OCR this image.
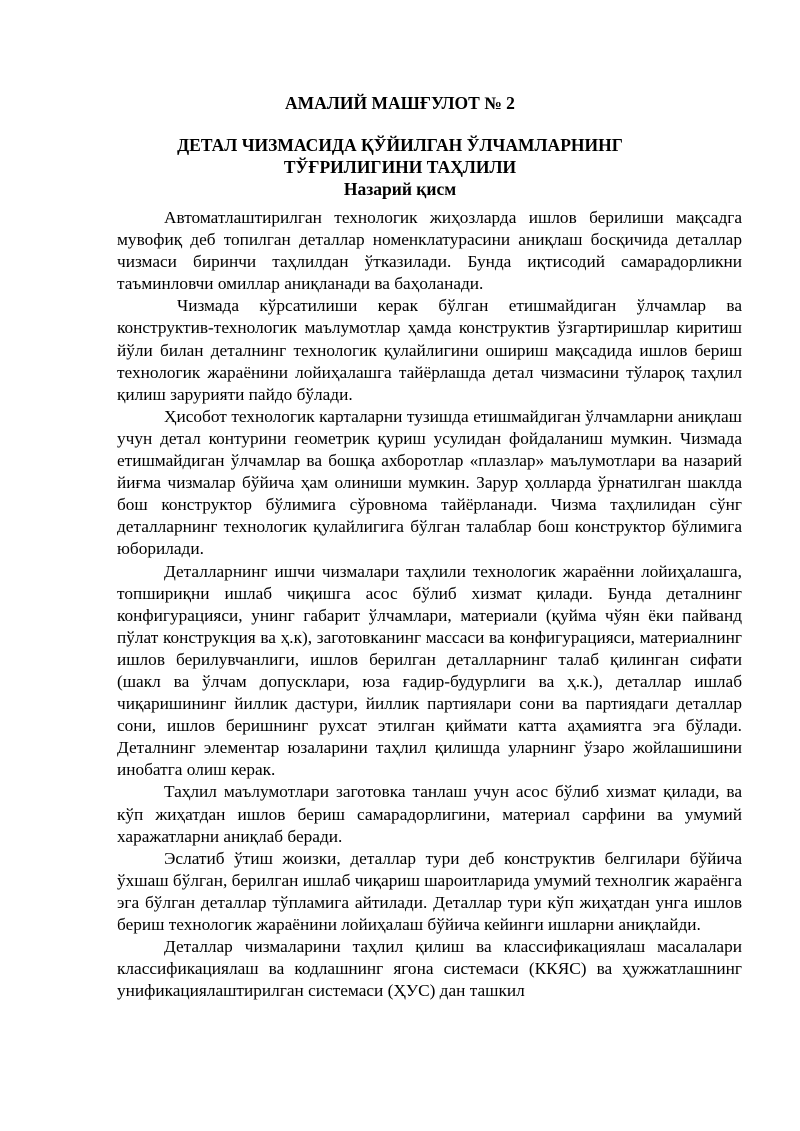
АМАЛИЙ МАШҒУЛОТ № 2
ДЕТАЛ ЧИЗМАСИДА ҚЎЙИЛГАН ЎЛЧАМЛАРНИНГ
ТЎҒРИЛИГИНИ ТАҲЛИЛИ
Назарий қисм

Автоматлаштирилган технологик жиҳозларда ишлов берилиши мақсадга мувофиқ деб топилган деталлар номенклатурасини аниқлаш босқичида деталлар чизмаси биринчи таҳлилдан ўтказилади. Бунда иқтисодий самарадорликни таъминловчи омиллар аниқланади ва баҳоланади.

Чизмада кўрсатилиши керак бўлган етишмайдиган ўлчамлар ва конструктив-технологик маълумотлар ҳамда конструктив ўзгартиришлар киритиш йўли билан деталнинг технологик қулайлигини ошириш мақсадида ишлов бериш технологик жараёнини лойиҳалашга тайёрлашда детал чизмасини тўлароқ таҳлил қилиш зарурияти пайдо бўлади.

Ҳисобот технологик карталарни тузишда етишмайдиган ўлчамларни аниқлаш учун детал контурини геометрик қуриш усулидан фойдаланиш мумкин. Чизмада етишмайдиган ўлчамлар ва бошқа ахборотлар «плазлар» маълумотлари ва назарий йиғма чизмалар бўйича ҳам олиниши мумкин. Зарур ҳолларда ўрнатилган шаклда бош конструктор бўлимига сўровнома тайёрланади. Чизма таҳлилидан сўнг деталларнинг технологик қулайлигига бўлган талаблар бош конструктор бўлимига юборилади.

Деталларнинг ишчи чизмалари таҳлили технологик жараённи лойиҳалашга, топшириқни ишлаб чиқишга асос бўлиб хизмат қилади. Бунда деталнинг конфигурацияси, унинг габарит ўлчамлари, материали (қуйма чўян ёки пайванд пўлат конструкция ва ҳ.к), заготовканинг массаси ва конфигурацияси, материалнинг ишлов берилувчанлиги, ишлов берилган деталларнинг талаб қилинган сифати (шакл ва ўлчам допусклари, юза ғадир-будурлиги ва ҳ.к.), деталлар ишлаб чиқаришининг йиллик дастури, йиллик партиялари сони ва партиядаги деталлар сони, ишлов беришнинг рухсат этилган қиймати катта аҳамиятга эга бўлади. Деталнинг элементар юзаларини таҳлил қилишда уларнинг ўзаро жойлашишини инобатга олиш керак.

Таҳлил маълумотлари заготовка танлаш учун асос бўлиб хизмат қилади, ва кўп жиҳатдан ишлов бериш самарадорлигини, материал сарфини ва умумий харажатларни аниқлаб беради.

Эслатиб ўтиш жоизки, деталлар тури деб конструктив белгилари бўйича ўхшаш бўлган, берилган ишлаб чиқариш шароитларида умумий технолгик жараёнга эга бўлган деталлар тўпламига айтилади. Деталлар тури кўп жиҳатдан унга ишлов бериш технологик жараёнини лойиҳалаш бўйича кейинги ишларни аниқлайди.

Деталлар чизмаларини таҳлил қилиш ва классификациялаш масалалари классификациялаш ва кодлашнинг ягона системаси (ККЯС) ва ҳужжатлашнинг унификациялаштирилган системаси (ҲУС) дан ташкил
